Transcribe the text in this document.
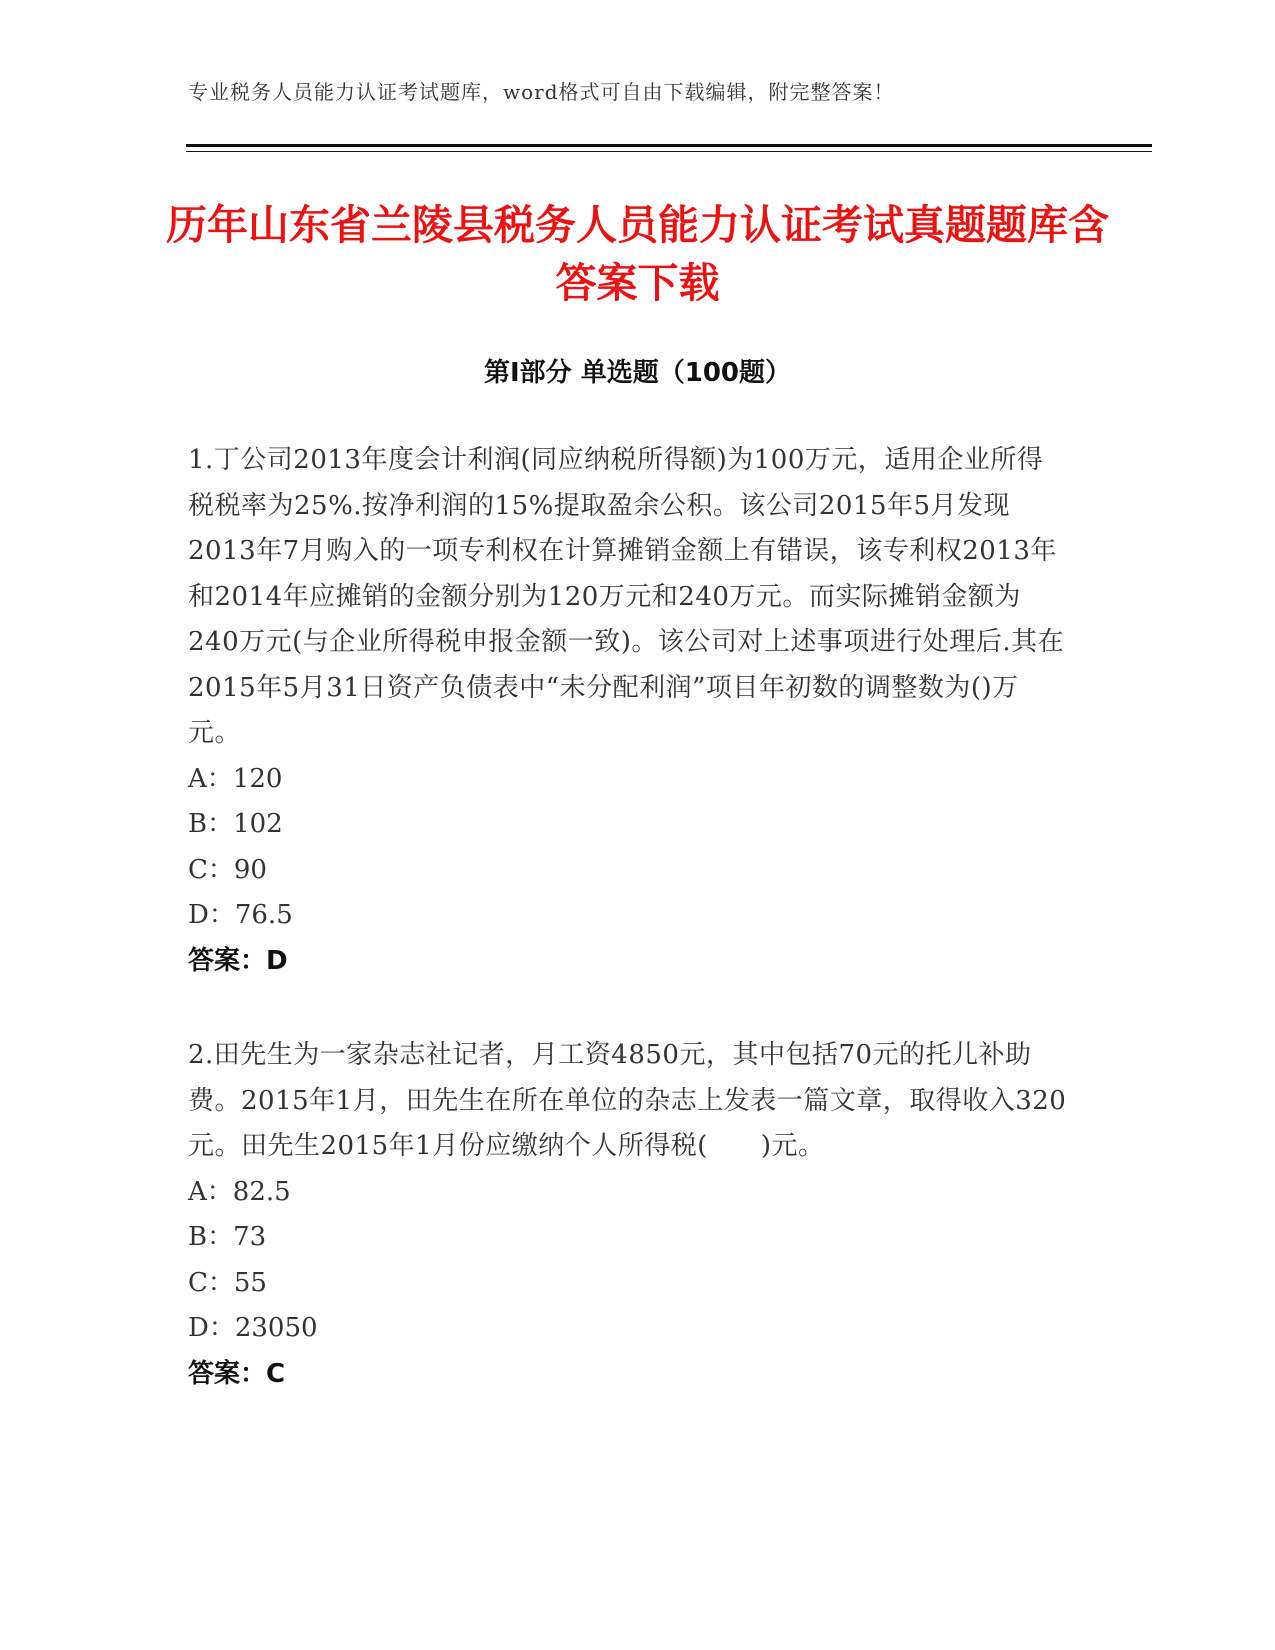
专业税务人员能力认证考试题库，word格式可自由下载编辑，附完整答案！
历年山东省兰陵县税务人员能力认证考试真题题库含答案下载
第Ⅰ部分 单选题（100题）
1.丁公司2013年度会计利润(同应纳税所得额)为100万元，适用企业所得税税率为25%.按净利润的15%提取盈余公积。该公司2015年5月发现2013年7月购入的一项专利权在计算摊销金额上有错误，该专利权2013年和2014年应摊销的金额分别为120万元和240万元。而实际摊销金额为240万元(与企业所得税申报金额一致)。该公司对上述事项进行处理后.其在2015年5月31日资产负债表中“未分配利润”项目年初数的调整数为()万元。
A：120
B：102
C：90
D：76.5
答案：D
2.田先生为一家杂志社记者，月工资4850元，其中包括70元的托儿补助费。2015年1月，田先生在所在单位的杂志上发表一篇文章，取得收入320元。田先生2015年1月份应缴纳个人所得税(　　)元。
A：82.5
B：73
C：55
D：23050
答案：C
